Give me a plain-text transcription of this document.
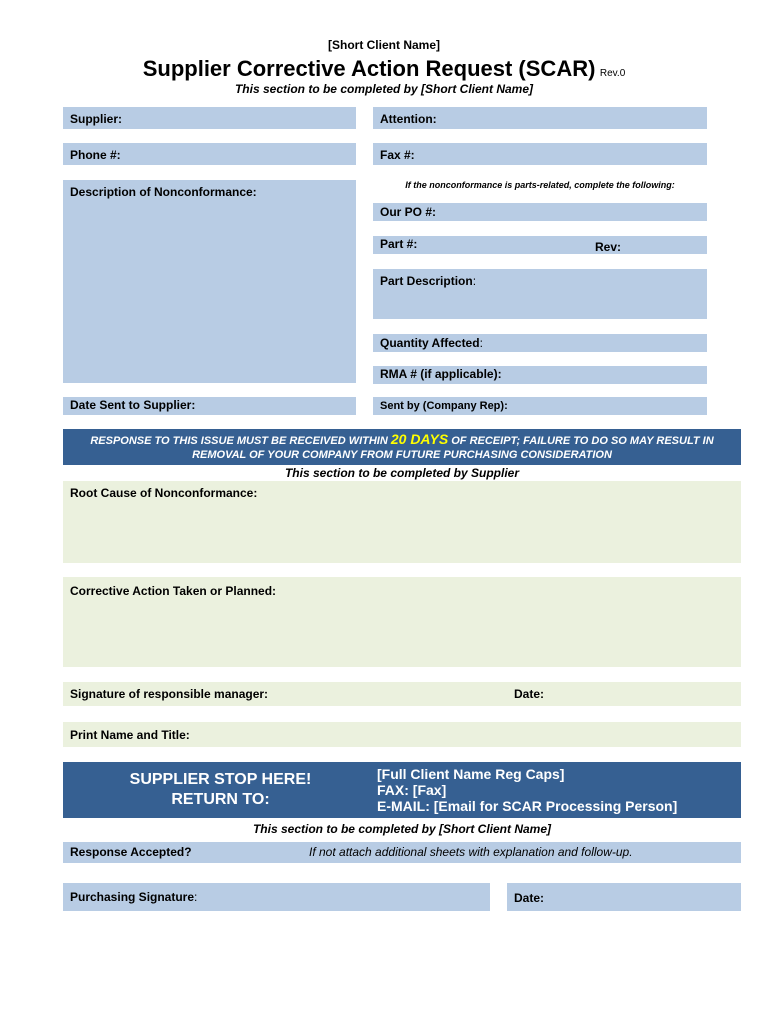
[Short Client Name]
Supplier Corrective Action Request (SCAR) Rev.0
This section to be completed by [Short Client Name]
Supplier:	Attention:
Phone #:	Fax #:
Description of Nonconformance:	If the nonconformance is parts-related, complete the following:
Our PO #:
Part #:	Rev:
Part Description:
Quantity Affected:
RMA # (if applicable):
Date Sent to Supplier:	Sent by (Company Rep):
RESPONSE TO THIS ISSUE MUST BE RECEIVED WITHIN 20 DAYS OF RECEIPT; FAILURE TO DO SO MAY RESULT IN
REMOVAL OF YOUR COMPANY FROM FUTURE PURCHASING CONSIDERATION
This section to be completed by Supplier
Root Cause of Nonconformance:
Corrective Action Taken or Planned:
Signature of responsible manager:	Date:
Print Name and Title:
SUPPLIER STOP HERE!
RETURN TO:
[Full Client Name Reg Caps]
FAX: [Fax]
E-MAIL: [Email for SCAR Processing Person]
This section to be completed by [Short Client Name]
Response Accepted?	If not attach additional sheets with explanation and follow-up.
Purchasing Signature:	Date:
